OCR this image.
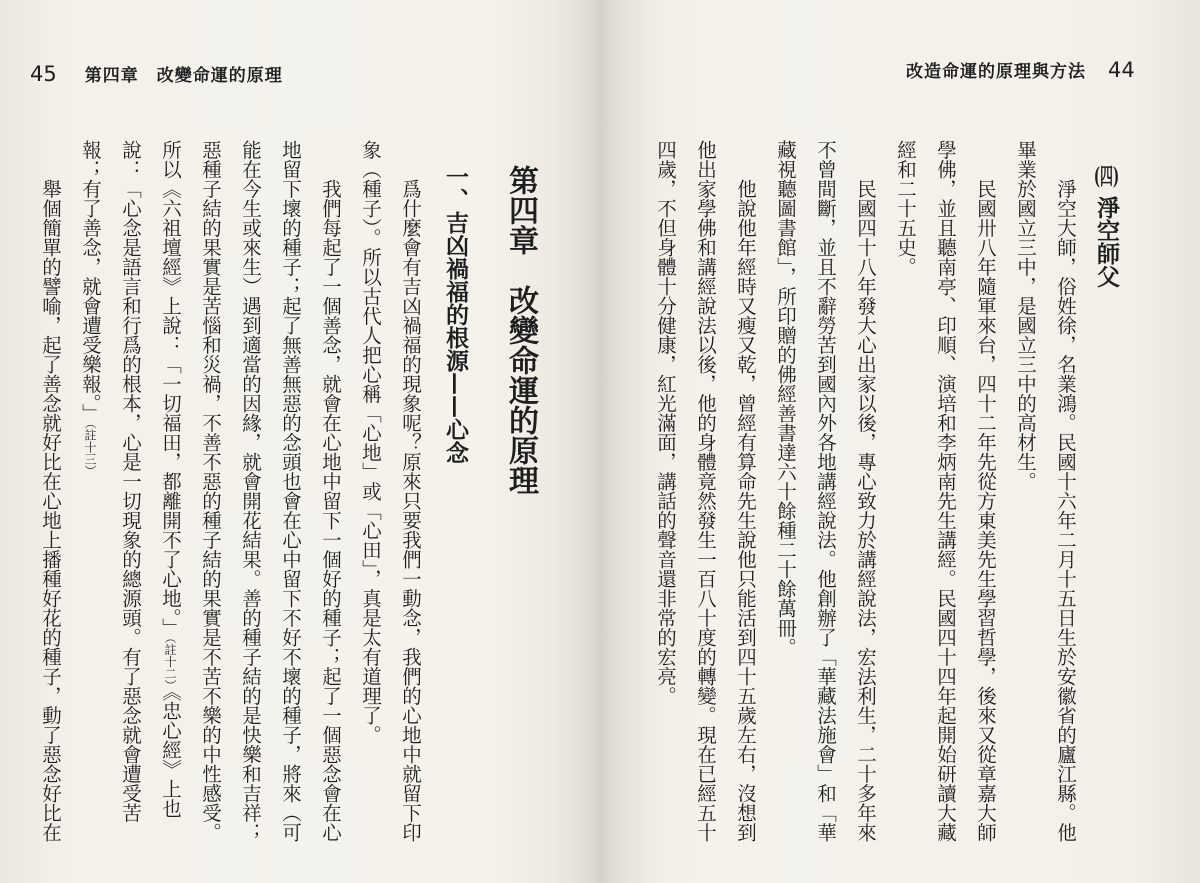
45 第四章　改變命運的原理
第四章　改變命運的原理
一、吉凶禍福的根源——心念
爲什麼會有吉凶禍福的現象呢？原來只要我們一動念，我們的心地中就留下印
象（種子）。所以古代人把心稱「心地」或「心田」，真是太有道理了。
我們每起了一個善念，就會在心地中留下一個好的種子；起了一個惡念會在心
地留下壞的種子；起了無善無惡的念頭也會在心中留下不好不壞的種子，將來（可
能在今生或來生）遇到適當的因緣，就會開花結果。善的種子結的是快樂和吉祥；
惡種子結的果實是苦惱和災禍，不善不惡的種子結的果實是不苦不樂的中性感受。
所以《六祖壇經》上說：「一切福田，都離開不了心地。」（註十二）《忠心經》上也
說：「心念是語言和行爲的根本，心是一切現象的總源頭。有了惡念就會遭受苦
報；有了善念，就會遭受樂報。」（註十三）
舉個簡單的譬喻，起了善念就好比在心地上播種好花的種子，動了惡念好比在
改造命運的原理與方法 44
(四)淨空師父
淨空大師，俗姓徐，名業鴻。民國十六年二月十五日生於安徽省的廬江縣。他
畢業於國立三中，是國立三中的高材生。
民國卅八年隨軍來台，四十二年先從方東美先生學習哲學，後來又從章嘉大師
學佛，並且聽南亭、印順、演培和李炳南先生講經。民國四十四年起開始研讀大藏
經和二十五史。
民國四十八年發大心出家以後，專心致力於講經說法，宏法利生，二十多年來
不曾間斷，並且不辭勞苦到國內外各地講經說法。他創辦了「華藏法施會」和「華
藏視聽圖書館」，所印贈的佛經善書達六十餘種二十餘萬冊。
他說他年經時又瘦又乾，曾經有算命先生說他只能活到四十五歲左右，沒想到
他出家學佛和講經說法以後，他的身體竟然發生一百八十度的轉變。現在已經五十
四歲，不但身體十分健康，紅光滿面，講話的聲音還非常的宏亮。
